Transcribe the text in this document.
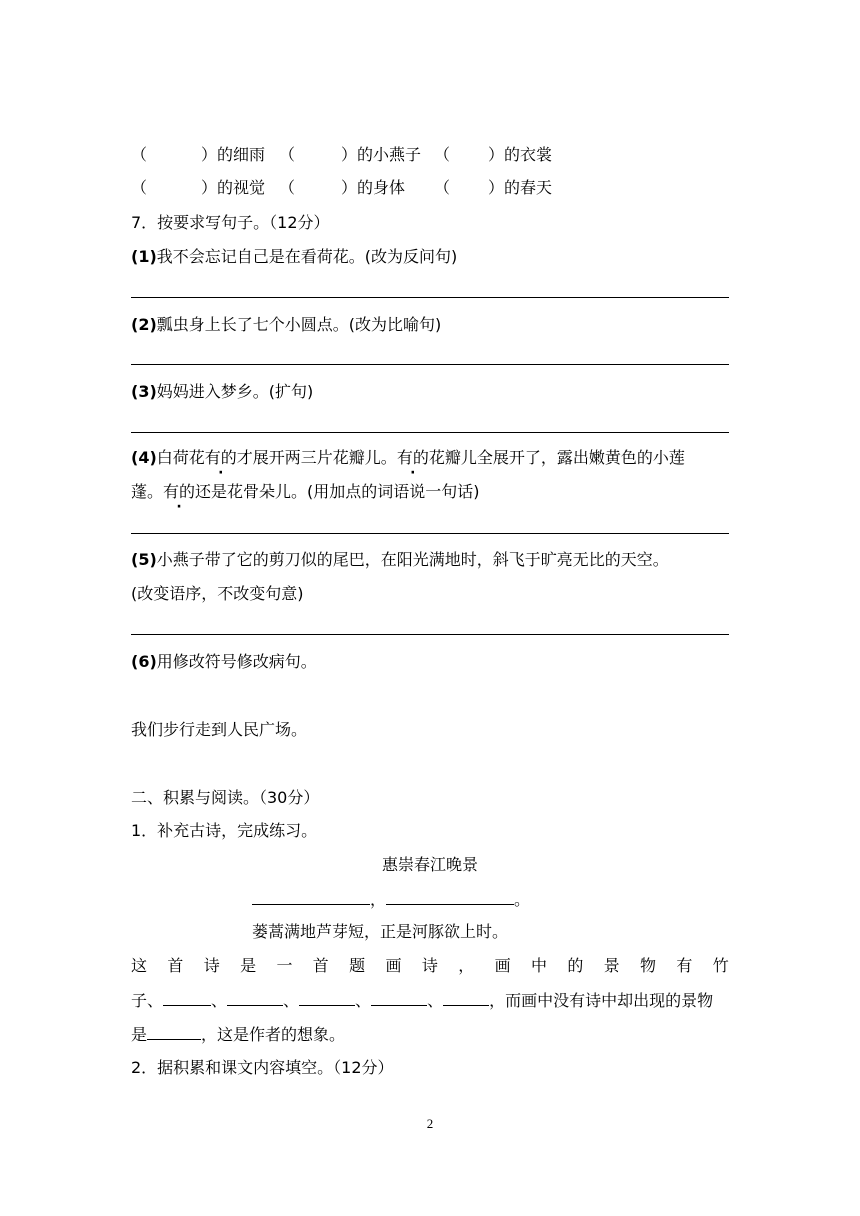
（	）的细雨 （	）的小燕子 （ ）的衣裳
（	）的视觉 （	）的身体 （ ）的春天
7．按要求写句子。（12分）
(1)我不会忘记自己是在看荷花。(改为反问句)
(2)瓢虫身上长了七个小圆点。(改为比喻句)
(3)妈妈进入梦乡。(扩句)
(4)白荷花有的才展开两三片花瓣儿。有的花瓣儿全展开了，露出嫩黄色的小莲
蓬。有的还是花骨朵儿。(用加点的词语说一句话)
(5)小燕子带了它的剪刀似的尾巴，在阳光满地时，斜飞于旷亮无比的天空。
(改变语序，不改变句意)
(6)用修改符号修改病句。
我们步行走到人民广场。
二、积累与阅读。（30分）
1．补充古诗，完成练习。
惠崇春江晚景
，	。
蒌蒿满地芦芽短，正是河豚欲上时。
这 首 诗 是 一 首 题 画 诗 ， 画 中 的 景 物 有 竹
子、	、	、	、	、	，而画中没有诗中却出现的景物
是	，这是作者的想象。
2．据积累和课文内容填空。（12分）
2
